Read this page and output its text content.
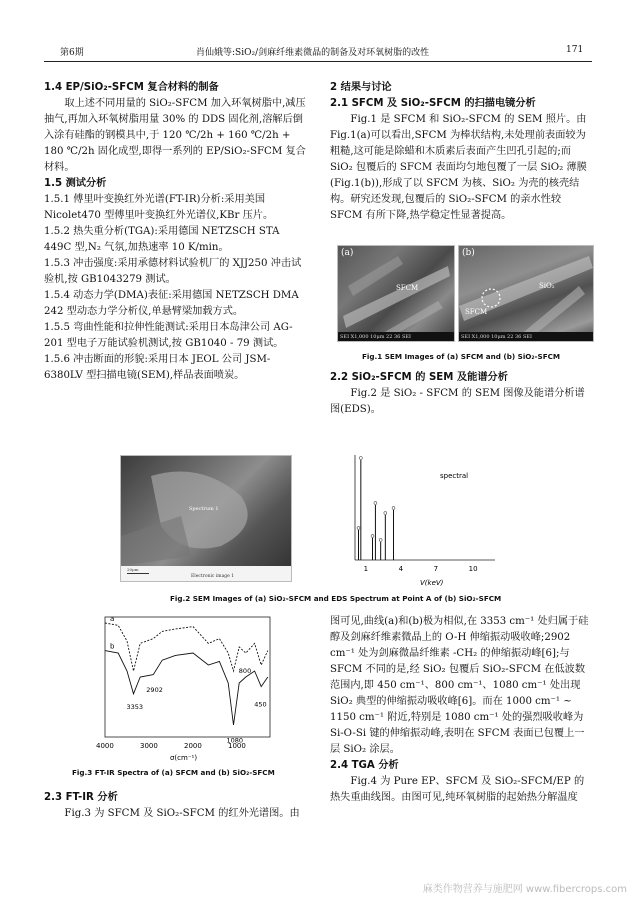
第6期	肖仙娥等:SiO₂/剑麻纤维素微晶的制备及对环氧树脂的改性	171

1.4 EP/SiO₂-SFCM 复合材料的制备

取上述不同用量的 SiO₂-SFCM 加入环氧树脂中,减压抽气,再加入环氧树脂用量 30% 的 DDS 固化剂,溶解后倒入涂有硅酯的钢模具中,于 120 ℃/2h + 160 ℃/2h + 180 ℃/2h 固化成型,即得一系列的 EP/SiO₂-SFCM 复合材料。

1.5 测试分析

1.5.1 傅里叶变换红外光谱(FT-IR)分析:采用美国 Nicolet470 型傅里叶变换红外光谱仪,KBr 压片。

1.5.2 热失重分析(TGA):采用德国 NETZSCH STA 449C 型,N₂ 气氛,加热速率 10 K/min。

1.5.3 冲击强度:采用承德材料试验机厂的 XJJ250 冲击试验机,按 GB1043279 测试。

1.5.4 动态力学(DMA)表征:采用德国 NETZSCH DMA 242 型动态力学分析仪,单悬臂梁加载方式。

1.5.5 弯曲性能和拉伸性能测试:采用日本岛津公司 AG-201 型电子万能试验机测试,按 GB1040 - 79 测试。

1.5.6 冲击断面的形貌:采用日本 JEOL 公司 JSM-6380LV 型扫描电镜(SEM),样品表面喷炭。

2 结果与讨论

2.1 SFCM 及 SiO₂-SFCM 的扫描电镜分析

Fig.1 是 SFCM 和 SiO₂-SFCM 的 SEM 照片。由 Fig.1(a)可以看出,SFCM 为棒状结构,未处理前表面较为粗糙,这可能是除蜡和木质素后表面产生凹孔引起的;而 SiO₂ 包覆后的 SFCM 表面均匀地包覆了一层 SiO₂ 薄膜(Fig.1(b)),形成了以 SFCM 为核、SiO₂ 为壳的核壳结构。研究还发现,包覆后的 SiO₂-SFCM 的亲水性较 SFCM 有所下降,热学稳定性显著提高。

(a)
SFCM
SEI X1,000 10μm 22 36 SEI
(b)
SFCM
SiO₂
SEI X1,000 10μm 22 36 SEI
Fig.1 SEM Images of (a) SFCM and (b) SiO₂-SFCM

2.2 SiO₂-SFCM 的 SEM 及能谱分析

Fig.2 是 SiO₂ - SFCM 的 SEM 图像及能谱分析谱图(EDS)。

Spectrum 1
20μm
Electronic image 1
spectral
1	4	7	10
V(keV)
Fig.2 SEM Images of (a) SiO₂-SFCM and EDS Spectrum at Point A of (b) SiO₂-SFCM
a
b
4000	3000	2000	1000
3353
2902
1080
800
450
σ(cm⁻¹)
Fig.3 FT-IR Spectra of (a) SFCM and (b) SiO₂-SFCM

2.3 FT-IR 分析

Fig.3 为 SFCM 及 SiO₂-SFCM 的红外光谱图。由

图可见,曲线(a)和(b)极为相似,在 3353 cm⁻¹ 处归属于硅醇及剑麻纤维素微晶上的 O-H 伸缩振动吸收峰;2902 cm⁻¹ 处为剑麻微晶纤维素 -CH₂ 的伸缩振动峰[6];与 SFCM 不同的是,经 SiO₂ 包覆后 SiO₂-SFCM 在低波数范围内,即 450 cm⁻¹、800 cm⁻¹、1080 cm⁻¹ 处出现 SiO₂ 典型的伸缩振动吸收峰[6]。而在 1000 cm⁻¹ ~ 1150 cm⁻¹ 附近,特别是 1080 cm⁻¹ 处的强烈吸收峰为 Si-O-Si 键的伸缩振动峰,表明在 SFCM 表面已包覆上一层 SiO₂ 涂层。

2.4 TGA 分析

Fig.4 为 Pure EP、SFCM 及 SiO₂-SFCM/EP 的热失重曲线图。由图可见,纯环氧树脂的起始热分解温度

麻类作物营养与施肥网 www.fibercrops.com
